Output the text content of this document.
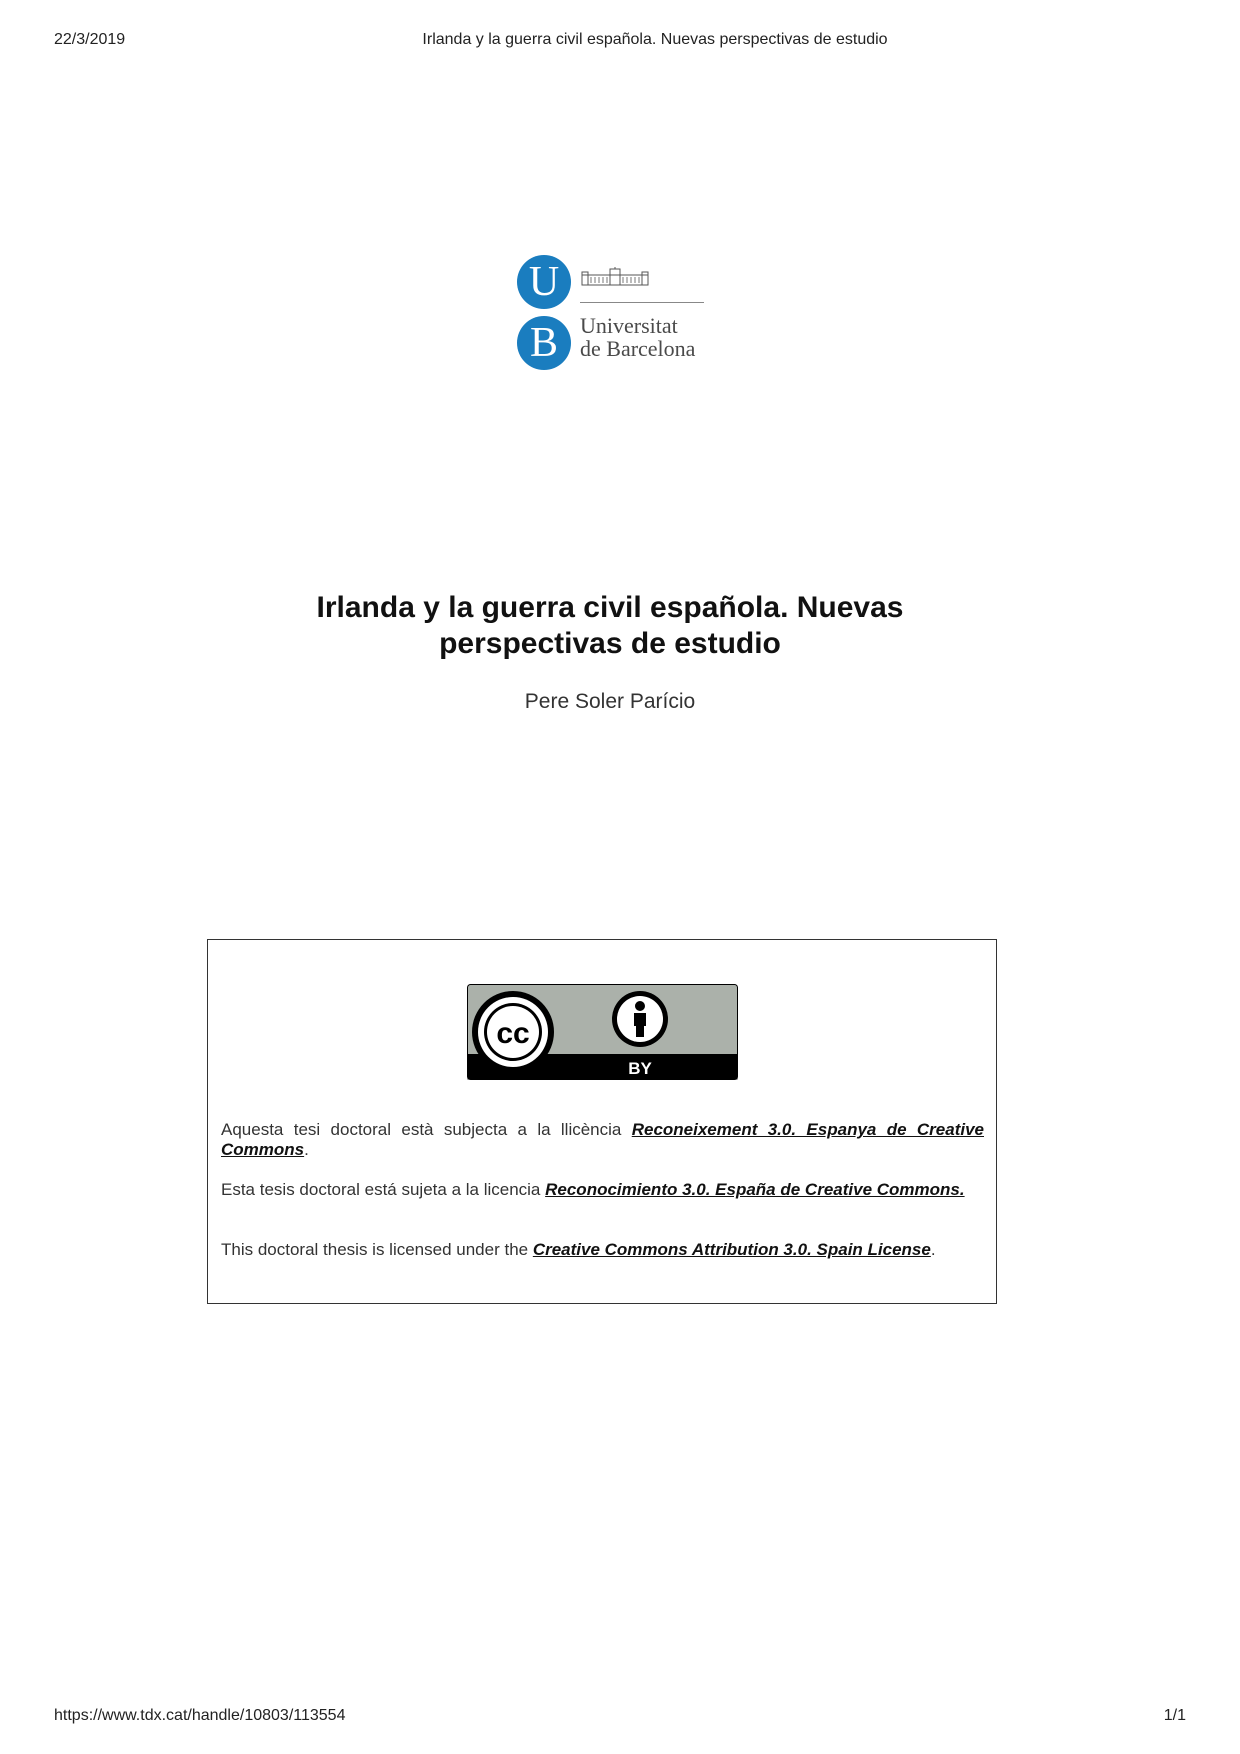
22/3/2019	Irlanda y la guerra civil española. Nuevas perspectivas de estudio
U
B	Universitat
de Barcelona
Irlanda y la guerra civil española. Nuevas
perspectivas de estudio
Pere Soler Parício
cc
BY

Aquesta tesi doctoral està subjecta a la llicència Reconeixement 3.0. Espanya de Creative Commons.

Esta tesis doctoral está sujeta a la licencia Reconocimiento 3.0. España de Creative Commons.

This doctoral thesis is licensed under the Creative Commons Attribution 3.0. Spain License.

https://www.tdx.cat/handle/10803/113554	1/1
